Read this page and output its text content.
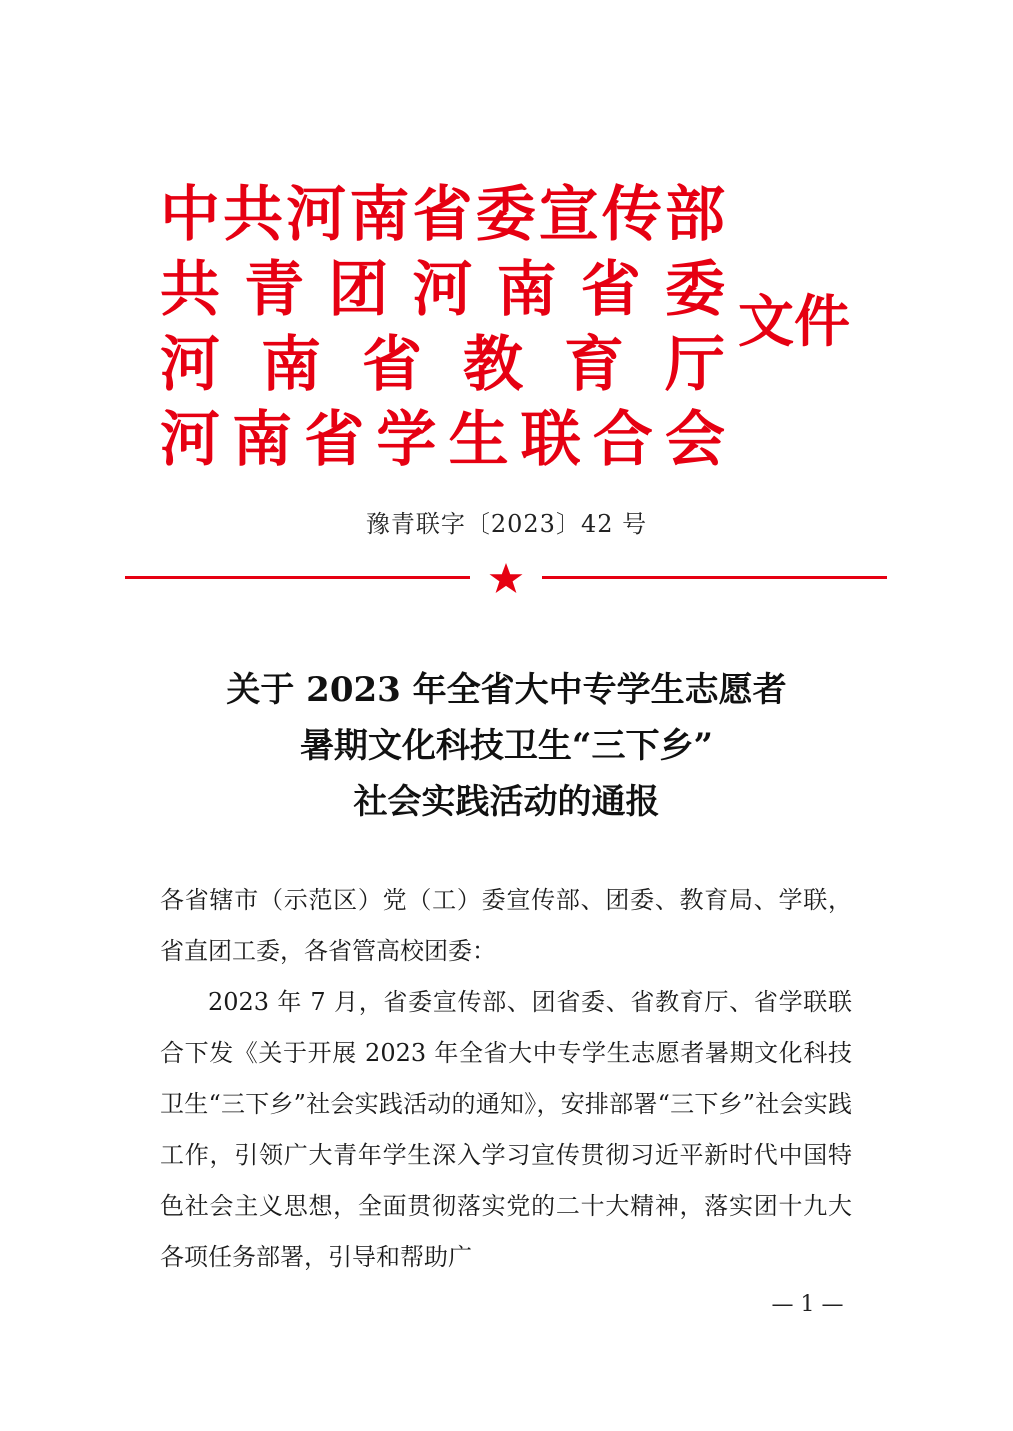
中 共 河 南 省 委 宣 传 部
共 青 团 河 南 省 委
河 南 省 教 育 厅
河 南 省 学 生 联 合 会
文件
豫青联字〔2023〕42 号
关于 2023 年全省大中专学生志愿者
暑期文化科技卫生“三下乡”
社会实践活动的通报

各省辖市（示范区）党（工）委宣传部、团委、教育局、学联，省直团工委，各省管高校团委：

2023 年 7 月，省委宣传部、团省委、省教育厅、省学联联合下发《关于开展 2023 年全省大中专学生志愿者暑期文化科技卫生“三下乡”社会实践活动的通知》，安排部署“三下乡”社会实践工作，引领广大青年学生深入学习宣传贯彻习近平新时代中国特色社会主义思想，全面贯彻落实党的二十大精神，落实团十九大各项任务部署，引导和帮助广

— 1 —
